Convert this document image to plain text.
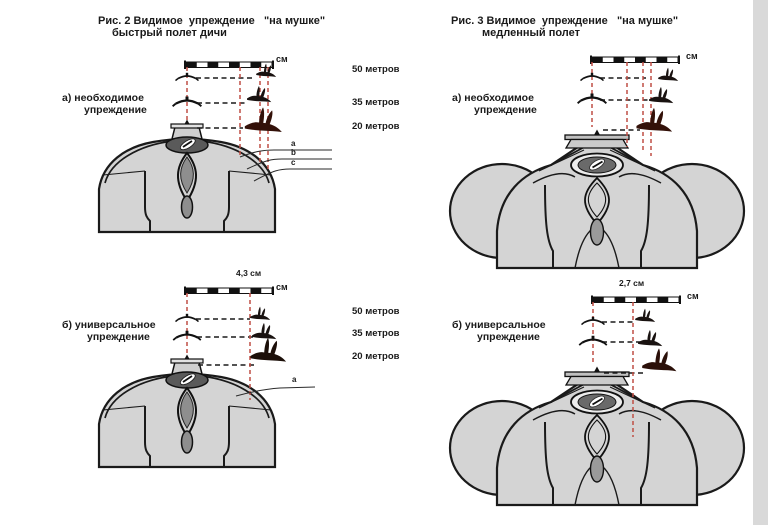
Рис. 2 Видимое  упреждение   "на мушке"
быстрый полет дичи
Рис. 3 Видимое  упреждение   "на мушке"
медленный полет
а) необходимое
упреждение
а) необходимое
упреждение
б) универсальное
упреждение
б) универсальное
упреждение
см	см
см
см
4,3 см
2,7 см
50 метров
35 метров
20 метров
50 метров
35 метров
20 метров
a
b
c
a
